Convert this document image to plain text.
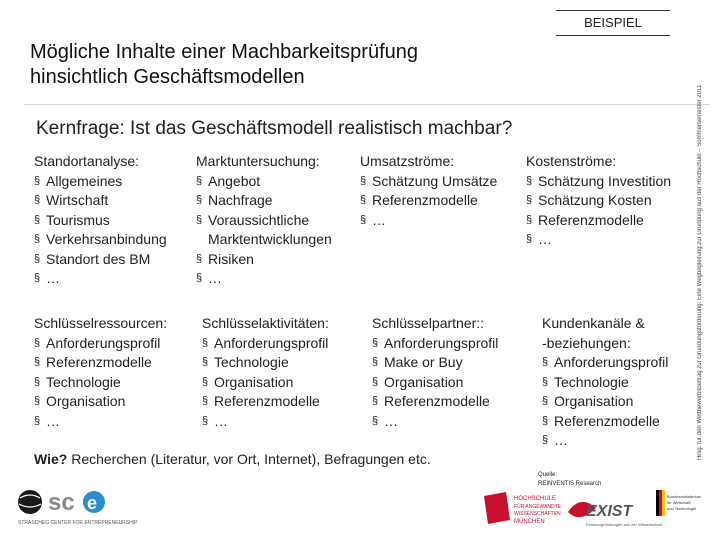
BEISPIEL
Mögliche Inhalte einer Machbarkeitsprüfung
hinsichtlich Geschäftsmodellen
Hrsg. für den Wettbewerbsbeitrag zur Gründungsförderung: Eine Wegbegleitung zur Gründung aus der Hochschule – Sommersemester 2011
Kernfrage: Ist das Geschäftsmodell realistisch machbar?
Standortanalyse:
§ Allgemeines
§ Wirtschaft
§ Tourismus
§ Verkehrsanbindung
§ Standort des BM
§ …
Marktuntersuchung:
§ Angebot
§ Nachfrage
§ Voraussichtliche
Marktentwicklungen
§ Risiken
§ …
Umsatzströme:
§ Schätzung Umsätze
§ Referenzmodelle
§ …
Kostenströme:
§ Schätzung Investition
§ Schätzung Kosten
§ Referenzmodelle
§ …
Schlüsselressourcen:
§ Anforderungsprofil
§ Referenzmodelle
§ Technologie
§ Organisation
§ …
Schlüsselaktivitäten:
§ Anforderungsprofil
§ Technologie
§ Organisation
§ Referenzmodelle
§ …
Schlüsselpartner::
§ Anforderungsprofil
§ Make or Buy
§ Organisation
§ Referenzmodelle
§ …
Kundenkanäle &
-beziehungen:
§ Anforderungsprofil
§ Technologie
§ Organisation
§ Referenzmodelle
§ …
Wie? Recherchen (Literatur, vor Ort, Internet), Befragungen etc.
Quelle:
REINVENTIS Research
sc e
STRASCHEG CENTER FOR ENTREPRENEURSHIP
HOCHSCHULE
FÜR ANGEWANDTE
WISSENSCHAFTEN
MÜNCHEN
EXIST
Existenzgründungen aus der Wissenschaft
Bundesministerium
für Wirtschaft
und Technologie
